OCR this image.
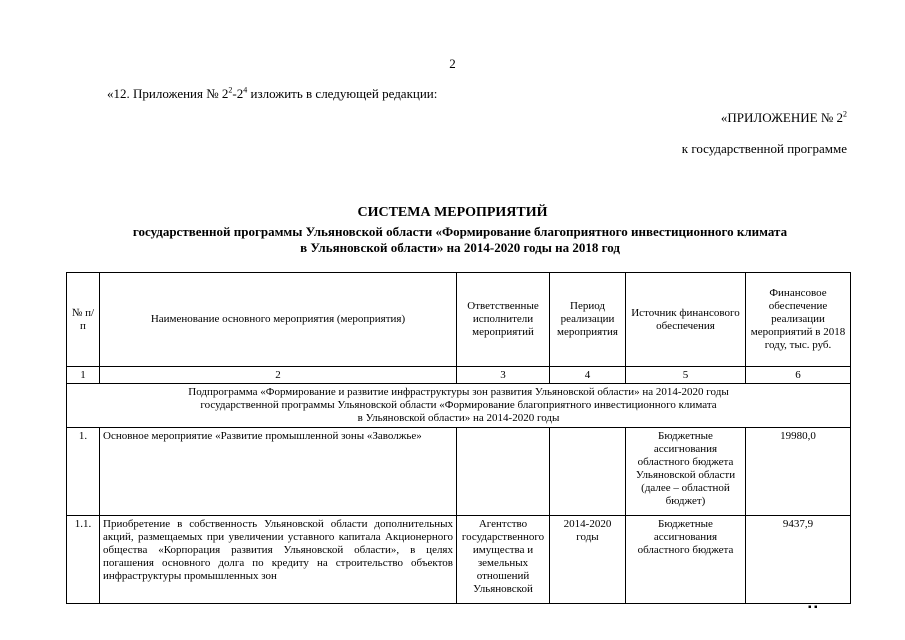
2
«12. Приложения № $2^2-2^4$ изложить в следующей редакции:
«ПРИЛОЖЕНИЕ № $2^2$
к государственной программе
СИСТЕМА МЕРОПРИЯТИЙ
государственной программы Ульяновской области «Формирование благоприятного инвестиционного климата
в Ульяновской области» на 2014-2020 годы на 2018 год
№ п/п	Наименование основного мероприятия (мероприятия)	Ответственные исполнители мероприятий	Период реализации мероприятия	Источник финансового обеспечения	Финансовое обеспечение реализации мероприятий в 2018 году, тыс. руб.
1	2	3	4	5	6

Подпрограмма «Формирование и развитие инфраструктуры зон развития Ульяновской области» на 2014-2020 годы
государственной программы Ульяновской области «Формирование благоприятного инвестиционного климата
в Ульяновской области» на 2014-2020 годы					

1.	Основное мероприятие «Развитие промышленной зоны «Заволжье»			Бюджетные ассигнования областного бюджета Ульяновской области (далее – областной бюджет)	19980,0
1.1.	Приобретение в собственность Ульяновской области дополнительных акций, размещаемых при увеличении уставного капитала Акционерного общества «Корпорация развития Ульяновской области», в целях погашения основного долга по кредиту на строительство объектов инфраструктуры промышленных зон	Агентство государственного имущества и земельных отношений Ульяновской	2014-2020 годы	Бюджетные ассигнования областного бюджета	9437,9
▪ ▪
